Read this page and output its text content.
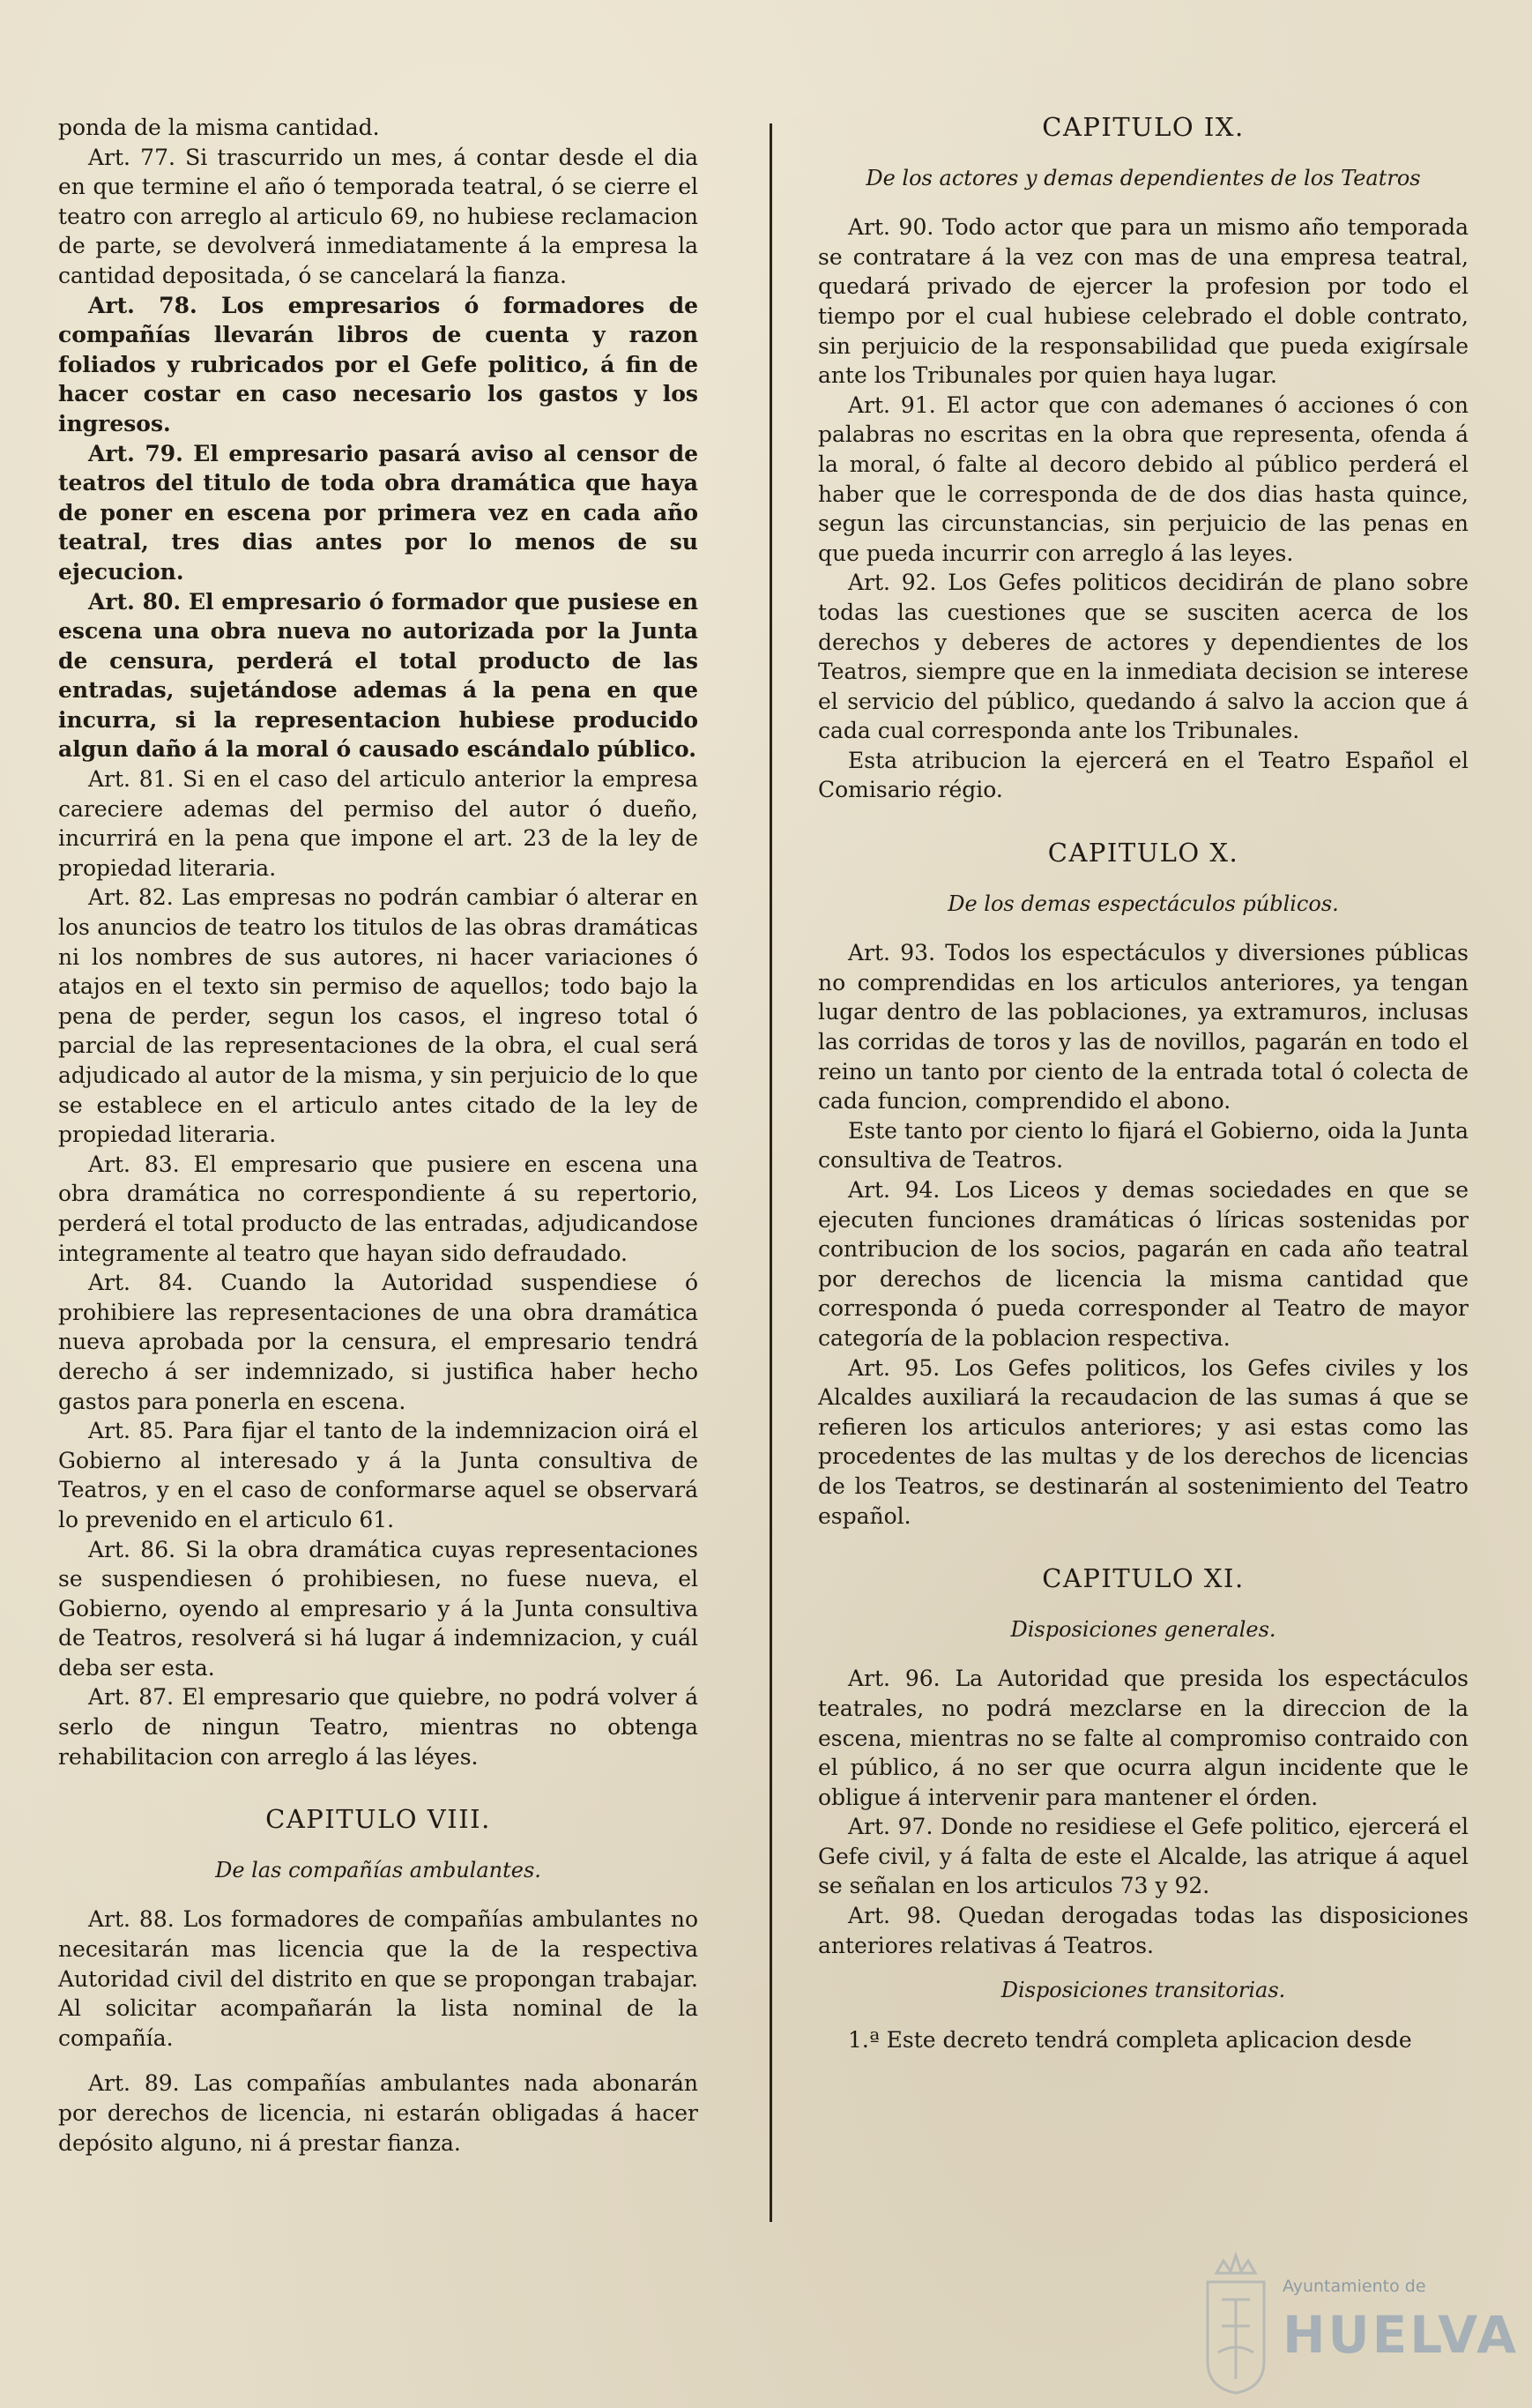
ponda de la misma cantidad.

Art. 77. Si trascurrido un mes, á contar desde el dia en que termine el año ó temporada teatral, ó se cierre el teatro con arreglo al articulo 69, no hubiese reclamacion de parte, se devolverá inmediatamente á la empresa la cantidad depositada, ó se cancelará la fianza.

Art. 78. Los empresarios ó formadores de compañías llevarán libros de cuenta y razon foliados y rubricados por el Gefe politico, á fin de hacer costar en caso necesario los gastos y los ingresos.

Art. 79. El empresario pasará aviso al censor de teatros del titulo de toda obra dramática que haya de poner en escena por primera vez en cada año teatral, tres dias antes por lo menos de su ejecucion.

Art. 80. El empresario ó formador que pusiese en escena una obra nueva no autorizada por la Junta de censura, perderá el total producto de las entradas, sujetándose ademas á la pena en que incurra, si la representacion hubiese producido algun daño á la moral ó causado escándalo público.

Art. 81. Si en el caso del articulo anterior la empresa careciere ademas del permiso del autor ó dueño, incurrirá en la pena que impone el art. 23 de la ley de propiedad literaria.

Art. 82. Las empresas no podrán cambiar ó alterar en los anuncios de teatro los titulos de las obras dramáticas ni los nombres de sus autores, ni hacer variaciones ó atajos en el texto sin permiso de aquellos; todo bajo la pena de perder, segun los casos, el ingreso total ó parcial de las representaciones de la obra, el cual será adjudicado al autor de la misma, y sin perjuicio de lo que se establece en el articulo antes citado de la ley de propiedad literaria.

Art. 83. El empresario que pusiere en escena una obra dramática no correspondiente á su repertorio, perderá el total producto de las entradas, adjudicandose integramente al teatro que hayan sido defraudado.

Art. 84. Cuando la Autoridad suspendiese ó prohibiere las representaciones de una obra dramática nueva aprobada por la censura, el empresario tendrá derecho á ser indemnizado, si justifica haber hecho gastos para ponerla en escena.

Art. 85. Para fijar el tanto de la indemnizacion oirá el Gobierno al interesado y á la Junta consultiva de Teatros, y en el caso de conformarse aquel se observará lo prevenido en el articulo 61.

Art. 86. Si la obra dramática cuyas representaciones se suspendiesen ó prohibiesen, no fuese nueva, el Gobierno, oyendo al empresario y á la Junta consultiva de Teatros, resolverá si há lugar á indemnizacion, y cuál deba ser esta.

Art. 87. El empresario que quiebre, no podrá volver á serlo de ningun Teatro, mientras no obtenga rehabilitacion con arreglo á las léyes.

CAPITULO VIII.
De las compañías ambulantes.

Art. 88. Los formadores de compañías ambulantes no necesitarán mas licencia que la de la respectiva Autoridad civil del distrito en que se propongan trabajar. Al solicitar acompañarán la lista nominal de la compañía.

Art. 89. Las compañías ambulantes nada abonarán por derechos de licencia, ni estarán obligadas á hacer depósito alguno, ni á prestar fianza.

CAPITULO IX.
De los actores y demas dependientes de los Teatros

Art. 90. Todo actor que para un mismo año temporada se contratare á la vez con mas de una empresa teatral, quedará privado de ejercer la profesion por todo el tiempo por el cual hubiese celebrado el doble contrato, sin perjuicio de la responsabilidad que pueda exigírsale ante los Tribunales por quien haya lugar.

Art. 91. El actor que con ademanes ó acciones ó con palabras no escritas en la obra que representa, ofenda á la moral, ó falte al decoro debido al público perderá el haber que le corresponda de de dos dias hasta quince, segun las circunstancias, sin perjuicio de las penas en que pueda incurrir con arreglo á las leyes.

Art. 92. Los Gefes politicos decidirán de plano sobre todas las cuestiones que se susciten acerca de los derechos y deberes de actores y dependientes de los Teatros, siempre que en la inmediata decision se interese el servicio del público, quedando á salvo la accion que á cada cual corresponda ante los Tribunales.

Esta atribucion la ejercerá en el Teatro Español el Comisario régio.

CAPITULO X.
De los demas espectáculos públicos.

Art. 93. Todos los espectáculos y diversiones públicas no comprendidas en los articulos anteriores, ya tengan lugar dentro de las poblaciones, ya extramuros, inclusas las corridas de toros y las de novillos, pagarán en todo el reino un tanto por ciento de la entrada total ó colecta de cada funcion, comprendido el abono.

Este tanto por ciento lo fijará el Gobierno, oida la Junta consultiva de Teatros.

Art. 94. Los Liceos y demas sociedades en que se ejecuten funciones dramáticas ó líricas sostenidas por contribucion de los socios, pagarán en cada año teatral por derechos de licencia la misma cantidad que corresponda ó pueda corresponder al Teatro de mayor categoría de la poblacion respectiva.

Art. 95. Los Gefes politicos, los Gefes civiles y los Alcaldes auxiliará la recaudacion de las sumas á que se refieren los articulos anteriores; y asi estas como las procedentes de las multas y de los derechos de licencias de los Teatros, se destinarán al sostenimiento del Teatro español.

CAPITULO XI.
Disposiciones generales.

Art. 96. La Autoridad que presida los espectáculos teatrales, no podrá mezclarse en la direccion de la escena, mientras no se falte al compromiso contraido con el público, á no ser que ocurra algun incidente que le obligue á intervenir para mantener el órden.

Art. 97. Donde no residiese el Gefe politico, ejercerá el Gefe civil, y á falta de este el Alcalde, las atrique á aquel se señalan en los articulos 73 y 92.

Art. 98. Quedan derogadas todas las disposiciones anteriores relativas á Teatros.

Disposiciones transitorias.

1.ª Este decreto tendrá completa aplicacion desde

Ayuntamiento de
HUELVA
